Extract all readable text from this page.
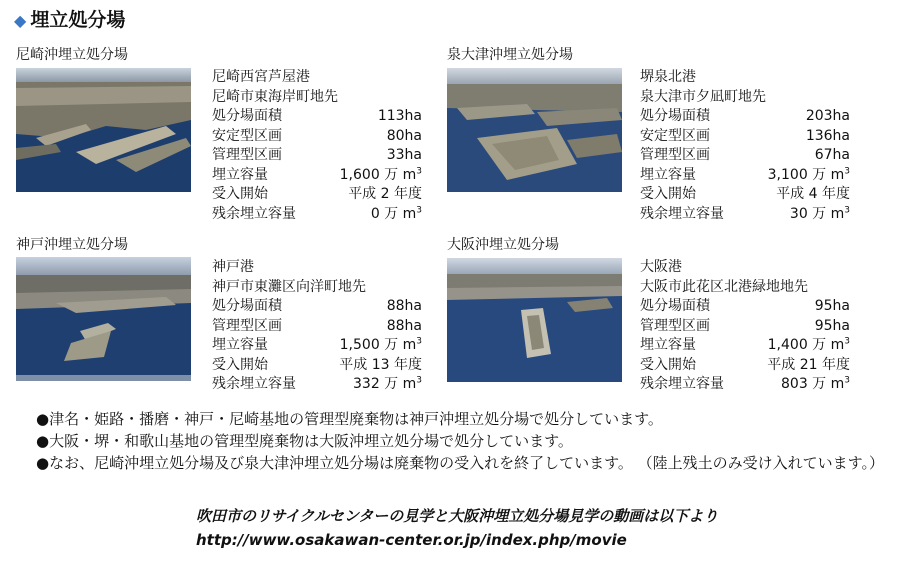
◆ 埋立処分場
尼崎沖埋立処分場
尼崎西宮芦屋港
尼崎市東海岸町地先
処分場面積	113ha
安定型区画	80ha
管理型区画	33ha
埋立容量	1,600 万 $m^3$
受入開始	平成 2 年度
残余埋立容量	0 万 $m^3$
泉大津沖埋立処分場
堺泉北港
泉大津市夕凪町地先
処分場面積	203ha
安定型区画	136ha
管理型区画	67ha
埋立容量	3,100 万 $m^3$
受入開始	平成 4 年度
残余埋立容量	30 万 $m^3$
神戸沖埋立処分場
神戸港
神戸市東灘区向洋町地先
処分場面積	88ha
管理型区画	88ha
埋立容量	1,500 万 $m^3$
受入開始	平成 13 年度
残余埋立容量	332 万 $m^3$
大阪沖埋立処分場
大阪港
大阪市此花区北港緑地地先
処分場面積	95ha
管理型区画	95ha
埋立容量	1,400 万 $m^3$
受入開始	平成 21 年度
残余埋立容量	803 万 $m^3$

●津名・姫路・播磨・神戸・尼崎基地の管理型廃棄物は神戸沖埋立処分場で処分しています。

●大阪・堺・和歌山基地の管理型廃棄物は大阪沖埋立処分場で処分しています。

●なお、尼崎沖埋立処分場及び泉大津沖埋立処分場は廃棄物の受入れを終了しています。 （陸上残土のみ受け入れています。）

吹田市のリサイクルセンターの見学と大阪沖埋立処分場見学の動画は以下より
http://www.osakawan-center.or.jp/index.php/movie
